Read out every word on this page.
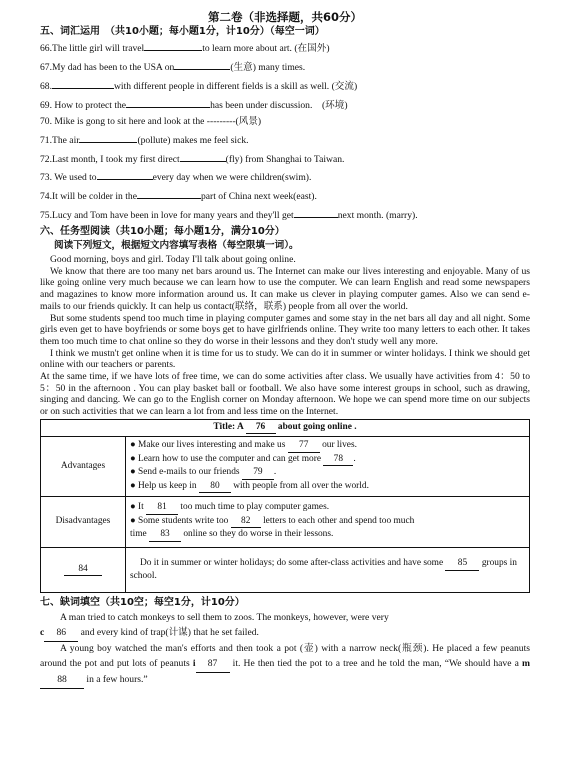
第二卷（非选择题，共60分）
五、词汇运用　（共10小题；每小题1分，计10分）（每空一词）
66.The little girl will travel	to learn more about art. (在国外)
67.My dad has been to the USA on	(生意) many times.
68.	with different people in different fields is a skill as well. (交流)
69. How to protect the	has been under discussion.　(环境)
70. Mike is gong to sit here and look at the ---------(风景)
71.The air	(pollute) makes me feel sick.
72.Last month, I took my first direct	(fly) from Shanghai to Taiwan.
73. We used to	every day when we were children(swim).
74.It will be colder in the	part of China next week(east).
75.Lucy and Tom have been in love for many years and they'll get	next month. (marry).
六、任务型阅读（共10小题；每小题1分，满分10分）
阅读下列短文，根据短文内容填写表格（每空限填一词）。

Good morning, boys and girl. Today I'll talk about going online.

We know that there are too many net bars around us. The Internet can make our lives interesting and enjoyable. Many of us like going online very much because we can learn how to use the computer. We can learn English and read some newspapers and magazines to know more information around us. It can make us clever in playing computer games. Also we can send e-mails to our friends quickly. It can help us contact(联络，联系) people from all over the world.

But some students spend too much time in playing computer games and some stay in the net bars all day and all night. Some girls even get to have boyfriends or some boys get to have girlfriends online. They write too many letters to each other. It takes them too much time to chat online so they do worse in their lessons and they don't study well any more.

I think we mustn't get online when it is time for us to study. We can do it in summer or winter holidays. I think we should get online with our teachers or parents.

At the same time, if we have lots of free time, we can do some activities after class. We usually have activities from 4：50 to 5：50 in the afternoon . You can play basket ball or football. We also have some interest groups in school, such as drawing, singing and dancing. We can go to the English corner on Monday afternoon. We hope we can spend more time on our subjects or on such activities that we can learn a lot from and less time on the Internet.

Title: A 76 about going online .	
Advantages	● Make our lives interesting and make us 77 our lives.
● Learn how to use the computer and can get more 78 .
● Send e-mails to our friends 79 .
● Help us keep in 80 with people from all over the world.

Disadvantages	● It 81 too much time to play computer games.
● Some students write too 82 letters to each other and spend too much
time 83 online so they do worse in their lessons.

84	Do it in summer or winter holidays; do some after-class activities and have some 85 groups in school.
七、缺词填空（共10空；每空1分，计10分）

A man tried to catch monkeys to sell them to zoos. The monkeys, however, were very

c 86 and every kind of trap(计谋) that he set failed.

A young boy watched the man's efforts and then took a pot (壶) with a narrow neck(瓶颈). He placed a few peanuts around the pot and put lots of peanuts i 87 it. He then tied the pot to a tree and he told the man, “We should have a m88 in a few hours.”
